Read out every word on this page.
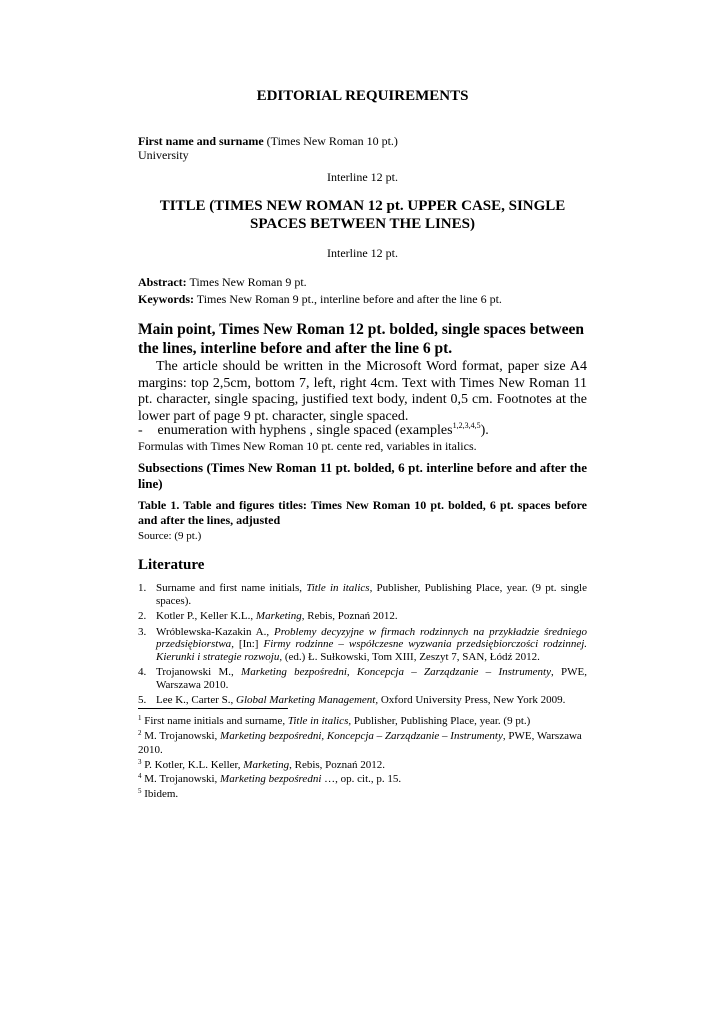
EDITORIAL REQUIREMENTS
First name and surname (Times New Roman 10 pt.)
University
Interline 12 pt.
TITLE (TIMES NEW ROMAN 12 pt. UPPER CASE, SINGLE
SPACES BETWEEN THE LINES)
Interline 12 pt.
Abstract: Times New Roman 9 pt.
Keywords: Times New Roman 9 pt., interline before and after the line 6 pt.
Main point, Times New Roman 12 pt. bolded, single spaces between the lines, interline before and after the line 6 pt.
The article should be written in the Microsoft Word format, paper size A4 margins: top 2,5cm, bottom 7, left, right 4cm. Text with Times New Roman 11 pt. character, single spacing, justified text body, indent 0,5 cm. Footnotes at the lower part of page 9 pt. character, single spaced.
- enumeration with hyphens , single spaced (examples$^{1,2,3,4,5}$).
Formulas with Times New Roman 10 pt. cente red, variables in italics.
Subsections (Times New Roman 11 pt. bolded, 6 pt. interline before and after the line)
Table 1. Table and figures titles: Times New Roman 10 pt. bolded, 6 pt. spaces before and after the lines, adjusted
Source: (9 pt.)
Literature
1. Surname and first name initials, Title in italics, Publisher, Publishing Place, year. (9 pt. single spaces).
2. Kotler P., Keller K.L., Marketing, Rebis, Poznań 2012.
3. Wróblewska-Kazakin A., Problemy decyzyjne w firmach rodzinnych na przykładzie średniego przedsiębiorstwa, [In:] Firmy rodzinne – współczesne wyzwania przedsiębiorczości rodzinnej. Kierunki i strategie rozwoju, (ed.) Ł. Sułkowski, Tom XIII, Zeszyt 7, SAN, Łódź 2012.
4. Trojanowski M., Marketing bezpośredni, Koncepcja – Zarządzanie – Instrumenty, PWE, Warszawa 2010.
5. Lee K., Carter S., Global Marketing Management, Oxford University Press, New York 2009.
$^1$ First name initials and surname, Title in italics, Publisher, Publishing Place, year. (9 pt.)
$^2$ M. Trojanowski, Marketing bezpośredni, Koncepcja – Zarządzanie – Instrumenty, PWE, Warszawa 2010.
$^3$ P. Kotler, K.L. Keller, Marketing, Rebis, Poznań 2012.
$^4$ M. Trojanowski, Marketing bezpośredni …, op. cit., p. 15.
$^5$ Ibidem.
